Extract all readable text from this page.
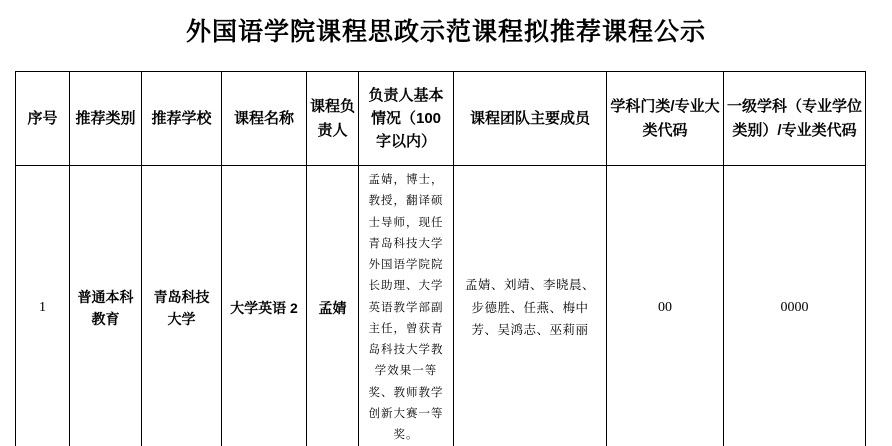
外国语学院课程思政示范课程拟推荐课程公示
序号	推荐类别	推荐学校	课程名称	课程负责人	负责人基本情况（100 字以内）	课程团队主要成员	学科门类/专业大类代码	一级学科（专业学位类别）/专业类代码
1	普通本科教育	青岛科技大学	大学英语 2	孟婧	孟婧，博士，教授，翻译硕士导师，现任青岛科技大学外国语学院院长助理、大学英语教学部副主任，曾获青岛科技大学教学效果一等奖、教师教学创新大赛一等奖。	孟婧、刘靖、李晓晨、步德胜、任燕、梅中芳、吴鸿志、巫莉丽	00	0000
